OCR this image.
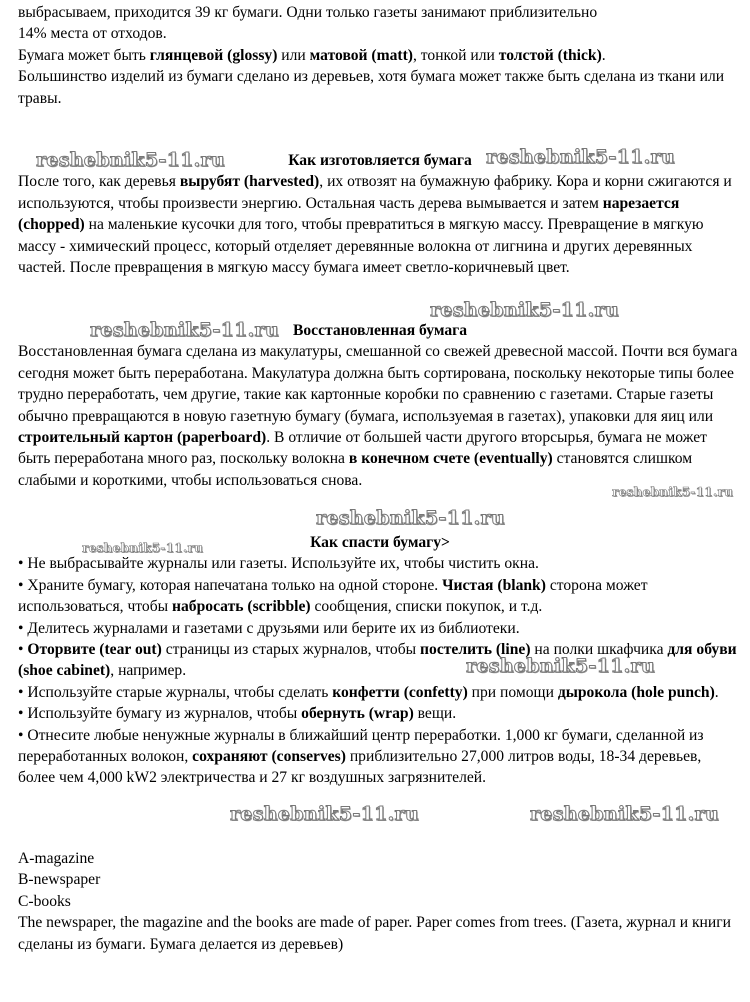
выбрасываем, приходится 39 кг бумаги. Одни только газеты занимают приблизительно

14% места от отходов.

Бумага может быть глянцевой (glossy) или матовой (matt), тонкой или толстой (thick).

Большинство изделий из бумаги сделано из деревьев, хотя бумага может также быть сделана из ткани или травы.

Как изготовляется бумага

После того, как деревья вырубят (harvested), их отвозят на бумажную фабрику. Кора и корни сжигаются и используются, чтобы произвести энергию. Остальная часть дерева вымывается и затем нарезается (chopped) на маленькие кусочки для того, чтобы превратиться в мягкую массу. Превращение в мягкую массу - химический процесс, который отделяет деревянные волокна от лигнина и других деревянных частей. После превращения в мягкую массу бумага имеет светло-коричневый цвет.

Восстановленная бумага

Восстановленная бумага сделана из макулатуры, смешанной со свежей древесной массой. Почти вся бумага сегодня может быть переработана. Макулатура должна быть сортирована, поскольку некоторые типы более трудно переработать, чем другие, такие как картонные коробки по сравнению с газетами. Старые газеты обычно превращаются в новую газетную бумагу (бумага, используемая в газетах), упаковки для яиц или строительный картон (paperboard). В отличие от большей части другого вторсырья, бумага не может быть переработана много раз, поскольку волокна в конечном счете (eventually) становятся слишком слабыми и короткими, чтобы использоваться снова.

Как спасти бумагу>

• Не выбрасывайте журналы или газеты. Используйте их, чтобы чистить окна.

• Храните бумагу, которая напечатана только на одной стороне. Чистая (blank) сторона может использоваться, чтобы набросать (scribble) сообщения, списки покупок, и т.д.

• Делитесь журналами и газетами с друзьями или берите их из библиотеки.

• Оторвите (tear out) страницы из старых журналов, чтобы постелить (line) на полки шкафчика для обуви (shoe cabinet), например.

• Используйте старые журналы, чтобы сделать конфетти (confetty) при помощи дырокола (hole punch).

• Используйте бумагу из журналов, чтобы обернуть (wrap) вещи.

• Отнесите любые ненужные журналы в ближайший центр переработки. 1,000 кг бумаги, сделанной из переработанных волокон, сохраняют (conserves) приблизительно 27,000 литров воды, 18-34 деревьев, более чем 4,000 kW2 электричества и 27 кг воздушных загрязнителей.

A-magazine

B-newspaper

C-books

The newspaper, the magazine and the books are made of paper. Paper comes from trees. (Газета, журнал и книги сделаны из бумаги. Бумага делается из деревьев)

reshebnik5-11.ru	reshebnik5-11.ru
reshebnik5-11.ru
reshebnik5-11.ru
reshebnik5-11.ru
reshebnik5-11.ru
reshebnik5-11.ru
reshebnik5-11.ru
reshebnik5-11.ru	reshebnik5-11.ru
